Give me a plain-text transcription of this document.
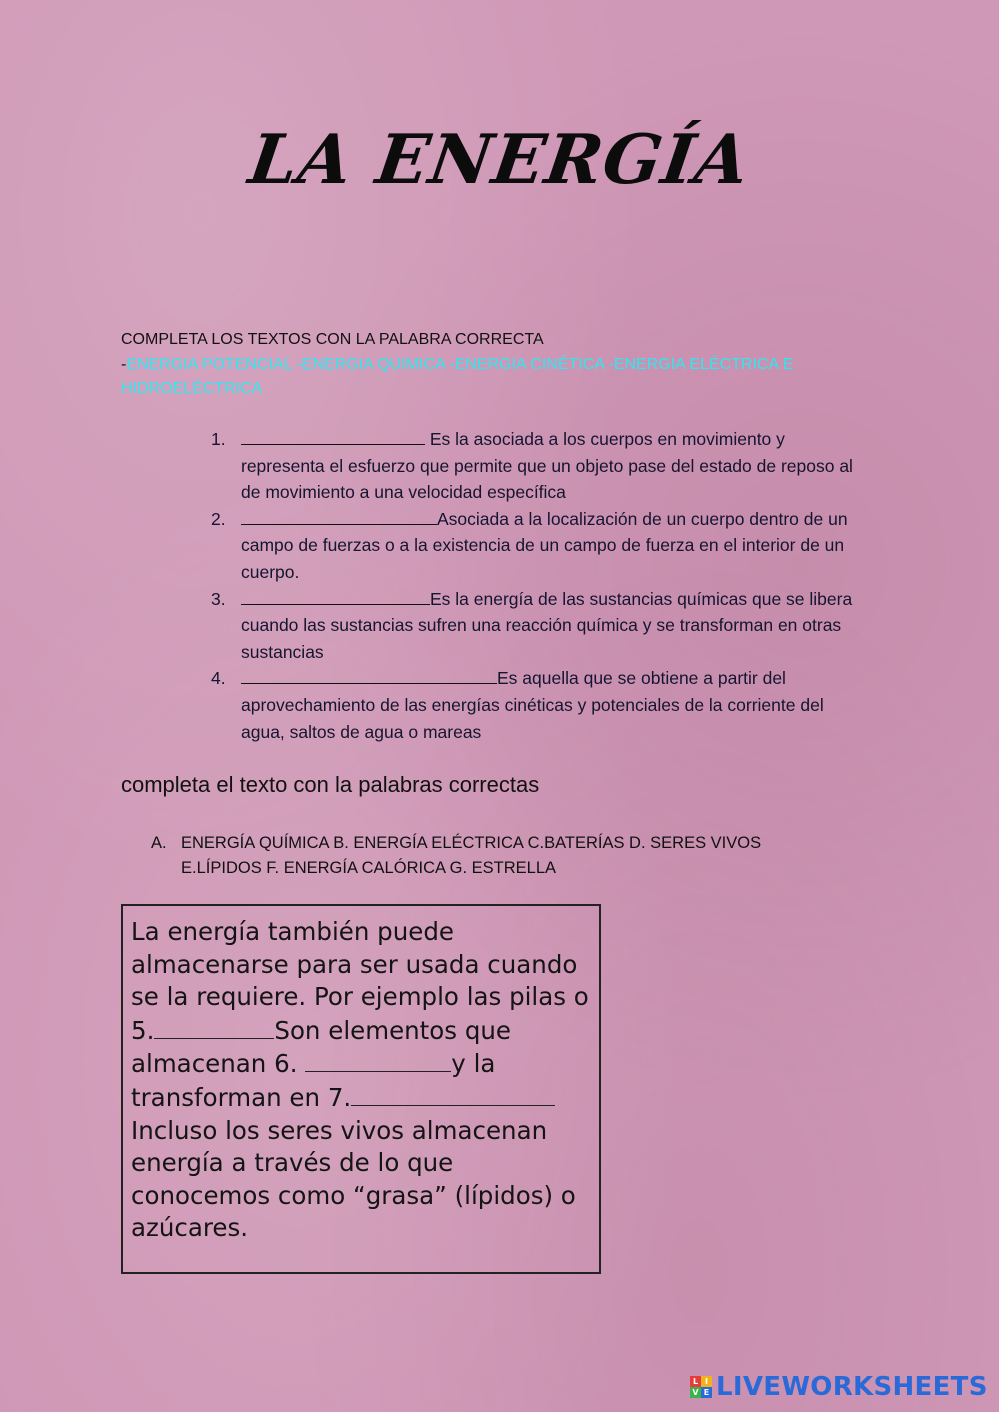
LA ENERGÍA
COMPLETA LOS TEXTOS CON LA PALABRA CORRECTA
-ENERGIA POTENCIAL -ENERGIA QUIMICA -ENERGIA CINÉTICA -ENERGIA ELÉCTRICA E HIDROELÉCTRICA
1.	Es la asociada a los cuerpos en movimiento y representa el esfuerzo que permite que un objeto pase del estado de reposo al de movimiento a una velocidad específica
2.	Asociada a la localización de un cuerpo dentro de un campo de fuerzas o a la existencia de un campo de fuerza en el interior de un cuerpo.
3.	Es la energía de las sustancias químicas que se libera cuando las sustancias sufren una reacción química y se transforman en otras sustancias
4.	Es aquella que se obtiene a partir del aprovechamiento de las energías cinéticas y potenciales de la corriente del agua, saltos de agua o mareas
completa el texto con la palabras correctas
A. ENERGÍA QUÍMICA B. ENERGÍA ELÉCTRICA C.BATERÍAS D. SERES VIVOS
E.LÍPIDOS F. ENERGÍA CALÓRICA G. ESTRELLA
La energía también puede almacenarse para ser usada cuando se la requiere. Por ejemplo las pilas o 5.	Son elementos que almacenan 6.	y la transforman en 7.Incluso los seres vivos almacenan energía a través de lo que conocemos como “grasa” (lípidos) o azúcares.
L I
V E LIVEWORKSHEETS
